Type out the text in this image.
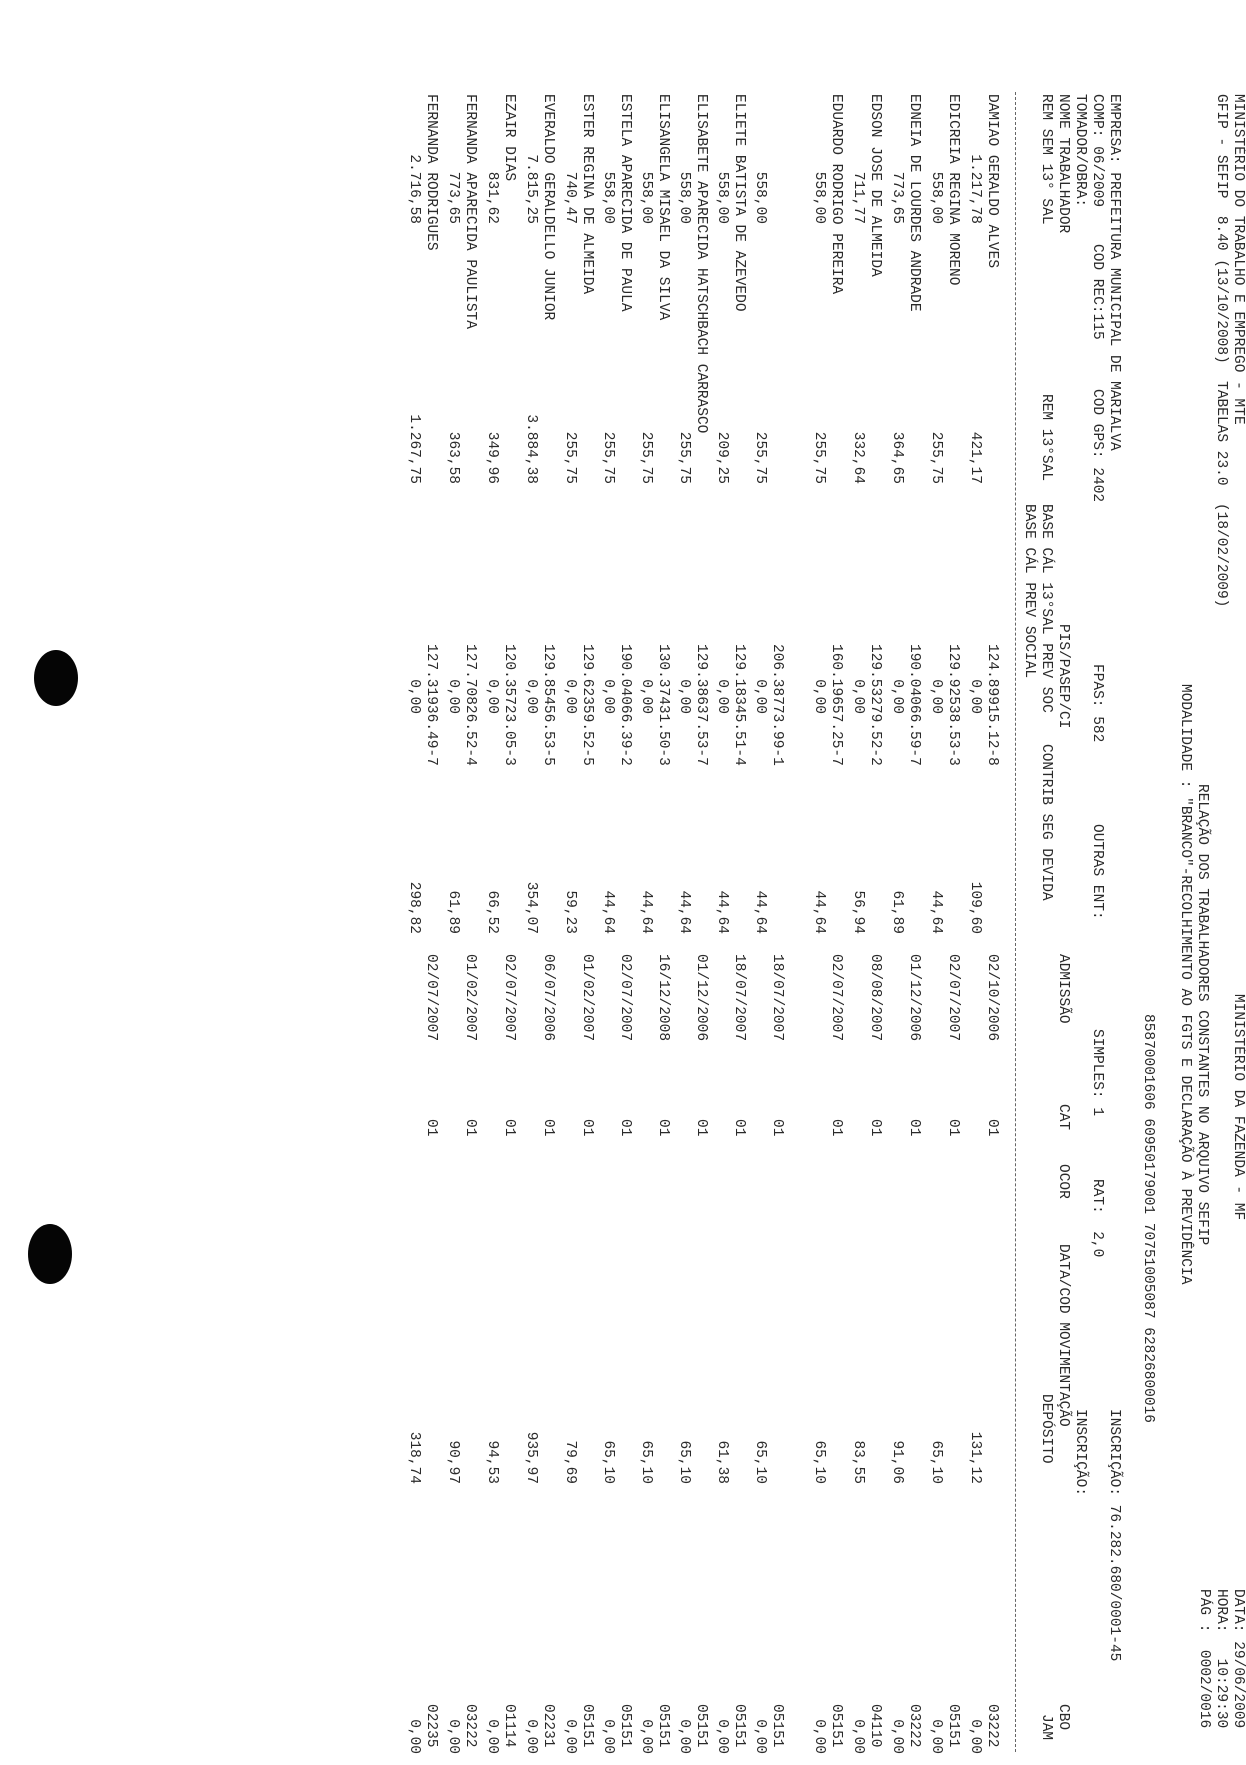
MINISTÉRIO DO TRABALHO E EMPREGO - MTE
MINISTÉRIO DA FAZENDA - MF
DATA: 29/06/2009
GFIP - SEFIP  8.40 (13/10/2008)  TABELAS 23.0  (18/02/2009)
HORA:   10:29:30
RELAÇÃO DOS TRABALHADORES CONSTANTES NO ARQUIVO SEFIP
PÁG :  0002/0016
MODALIDADE : "BRANCO"-RECOLHIMENTO AO FGTS E DECLARAÇÃO À PREVIDÊNCIA
85870001606 60950179001 70751005087 62826800016
EMPRESA: PREFEITURA MUNICIPAL DE MARIALVA
INSCRIÇÃO: 76.282.680/0001-45
COMP: 06/2009
COD REC:115
COD GPS: 2402
FPAS: 582
OUTRAS ENT:
SIMPLES: 1
RAT:  2,0
TOMADOR/OBRA:
INSCRIÇÃO:
NOME TRABALHADOR
PIS/PASEP/CI
ADMISSÃO
CAT
OCOR
DATA/COD MOVIMENTAÇÃO
CBO
REM SEM 13° SAL
REM 13°SAL
BASE CÁL 13°SAL PREV SOC
CONTRIB SEG DEVIDA
DEPÓSITO
JAM
BASE CÁL PREV SOCIAL
DAMIAO GERALDO ALVES
124.89915.12-8
02/10/2006
01
03222
1.217,78
421,17
0,00
109,60
131,12
0,00
EDICREIA REGINA MORENO
129.92538.53-3
02/07/2007
01
05151
558,00
255,75
0,00
44,64
65,10
0,00
EDNEIA DE LOURDES ANDRADE
190.04066.59-7
01/12/2006
01
03222
773,65
364,65
0,00
61,89
91,06
0,00
EDSON JOSE DE ALMEIDA
129.53279.52-2
08/08/2007
01
04110
711,77
332,64
0,00
56,94
83,55
0,00
EDUARDO RODRIGO PEREIRA
160.19657.25-7
02/07/2007
01
05151
558,00
255,75
0,00
44,64
65,10
0,00
206.38773.99-1
18/07/2007
01
05151
558,00
255,75
0,00
44,64
65,10
0,00
ELIETE BATISTA DE AZEVEDO
129.18345.51-4
18/07/2007
01
05151
558,00
209,25
0,00
44,64
61,38
0,00
ELISABETE APARECIDA HATSCHBACH CARRASCO
129.38637.53-7
01/12/2006
01
05151
558,00
255,75
0,00
44,64
65,10
0,00
ELISANGELA MISAEL DA SILVA
130.37431.50-3
16/12/2008
01
05151
558,00
255,75
0,00
44,64
65,10
0,00
ESTELA APARECIDA DE PAULA
190.04066.39-2
02/07/2007
01
05151
558,00
255,75
0,00
44,64
65,10
0,00
ESTER REGINA DE ALMEIDA
129.62359.52-5
01/02/2007
01
05151
740,47
255,75
0,00
59,23
79,69
0,00
EVERALDO GERALDELLO JUNIOR
129.85456.53-5
06/07/2006
01
02231
7.815,25
3.884,38
0,00
354,07
935,97
0,00
EZAIR DIAS
120.35723.05-3
02/07/2007
01
01114
831,62
349,96
0,00
66,52
94,53
0,00
FERNANDA APARECIDA PAULISTA
127.70826.52-4
01/02/2007
01
03222
773,65
363,58
0,00
61,89
90,97
0,00
FERNANDA RODRIGUES
127.31936.49-7
02/07/2007
01
02235
2.716,58
1.267,75
0,00
298,82
318,74
0,00
